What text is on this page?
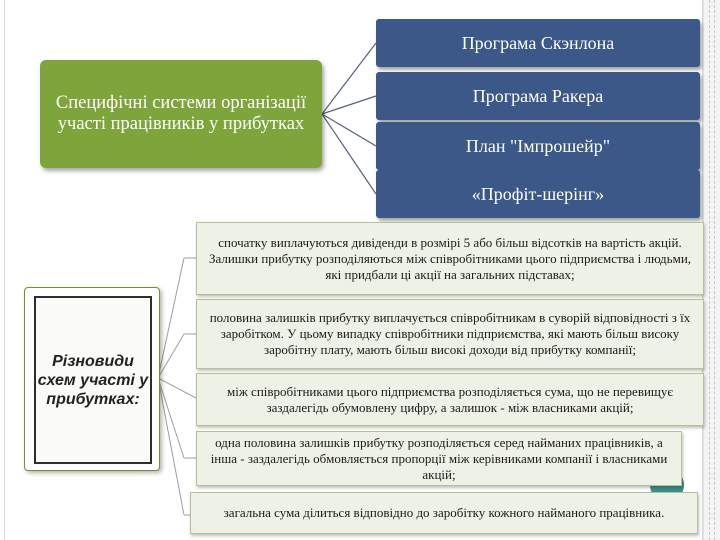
Програма Скэнлона
Програма Ракера
План "Імпрошейр"
«Профіт-шерінг»
Специфічні системи організації участі працівників у прибутках
Різновиди схем участі у прибутках:
спочатку виплачуються дивіденди в розмірі 5 або більш відсотків на вартість акцій. Залишки прибутку розподіляються між співробітниками цього підприємства і людьми, які придбали ці акції на загальних підставах;
половина залишків прибутку виплачується співробітникам в суворій відповідності з їх заробітком. У цьому випадку співробітники підприємства, які мають більш високу заробітну плату, мають більш високі доходи від прибутку компанії;
між співробітниками цього підприємства розподіляється сума, що не перевищує заздалегідь обумовлену цифру, а залишок - між власниками акцій;
одна половина залишків прибутку розподіляється серед найманих працівників, а інша - заздалегідь обмовляється пропорції між керівниками компанії і власниками акцій;
загальна сума ділиться відповідно до заробітку кожного найманого працівника.
